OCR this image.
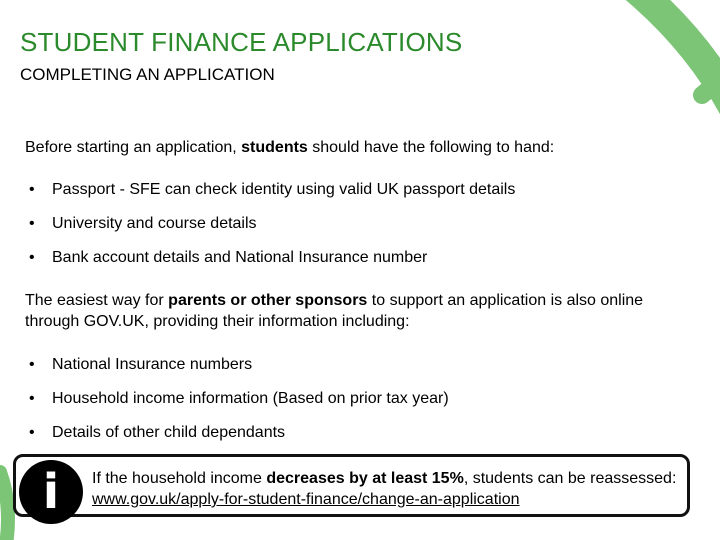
STUDENT FINANCE APPLICATIONS
COMPLETING AN APPLICATION

Before starting an application, students should have the following to hand:

• Passport - SFE can check identity using valid UK passport details
• University and course details
• Bank account details and National Insurance number

The easiest way for parents or other sponsors to support an application is also online through GOV.UK, providing their information including:

• National Insurance numbers
• Household income information (Based on prior tax year)
• Details of other child dependants
i	If the household income decreases by at least 15%, students can be reassessed: www.gov.uk/apply-for-student-finance/change-an-application
